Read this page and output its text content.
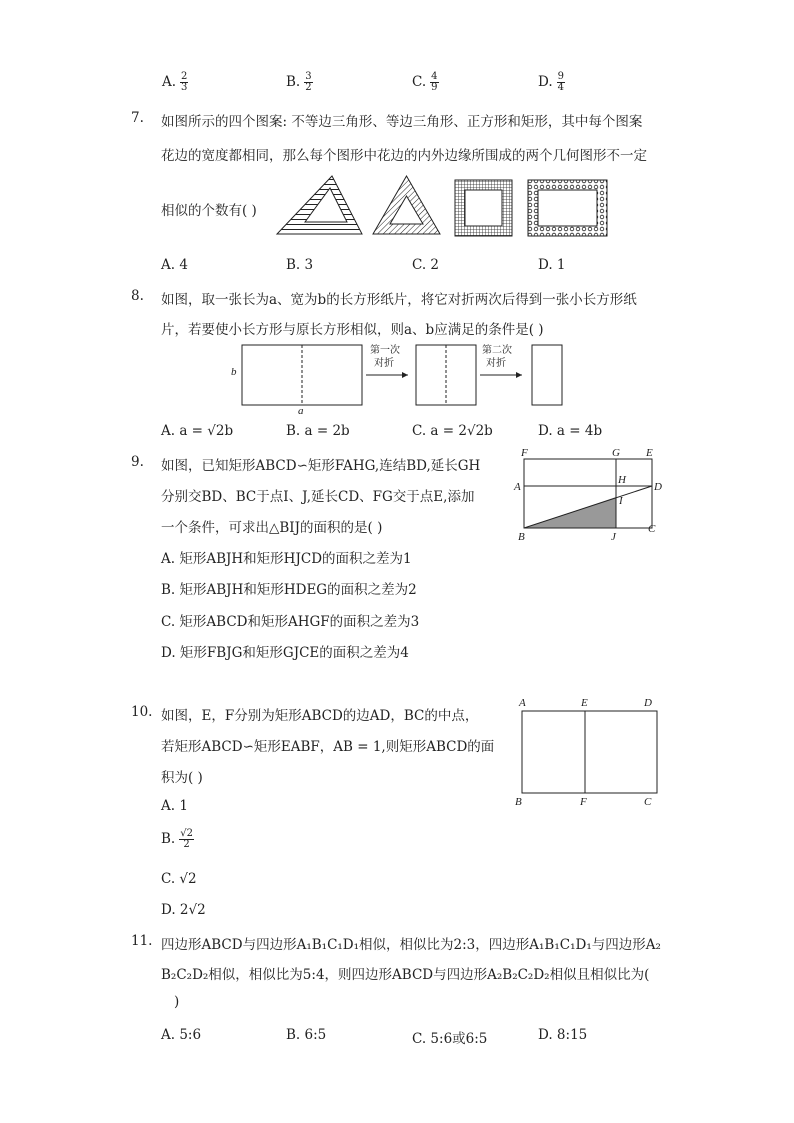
A. $\frac{2}{3}$	B. $\frac{3}{2}$	C. $\frac{4}{9}$	D. $\frac{9}{4}$
7. 如图所示的四个图案: 不等边三角形、等边三角形、正方形和矩形，其中每个图案
花边的宽度都相同，那么每个图形中花边的内外边缘所围成的两个几何图形不一定
相似的个数有( )
A. 4	B. 3	C. 2	D. 1
8. 如图，取一张长为a、宽为b的长方形纸片，将它对折两次后得到一张小长方形纸
片，若要使小长方形与原长方形相似，则a、b应满足的条件是( )
b
a
第一次
对折
第二次
对折
A. a = √2b	B. a = 2b	C. a = 2√2b	D. a = 4b
9. 如图，已知矩形ABCD∽矩形FAHG,连结BD,延长GH
分别交BD、BC于点I、J,延长CD、FG交于点E,添加
一个条件，可求出△BIJ的面积的是( )
A. 矩形ABJH和矩形HJCD的面积之差为1
B. 矩形ABJH和矩形HDEG的面积之差为2
C. 矩形ABCD和矩形AHGF的面积之差为3
D. 矩形FBJG和矩形GJCE的面积之差为4
F	G E
A
H
D
I
B	J
C
10. 如图，E，F分别为矩形ABCD的边AD，BC的中点，
若矩形ABCD∽矩形EABF，AB = 1,则矩形ABCD的面
积为( )
A. 1
B. $\frac{√2}{2}$
C. √2
D. 2√2
A	E	D
B	F	C
11. 四边形ABCD与四边形A₁B₁C₁D₁相似，相似比为2:3，四边形A₁B₁C₁D₁与四边形A₂
B₂C₂D₂相似，相似比为5:4，则四边形ABCD与四边形A₂B₂C₂D₂相似且相似比为(
)
A. 5:6	B. 6:5	C. 5:6或6:5	D. 8:15
